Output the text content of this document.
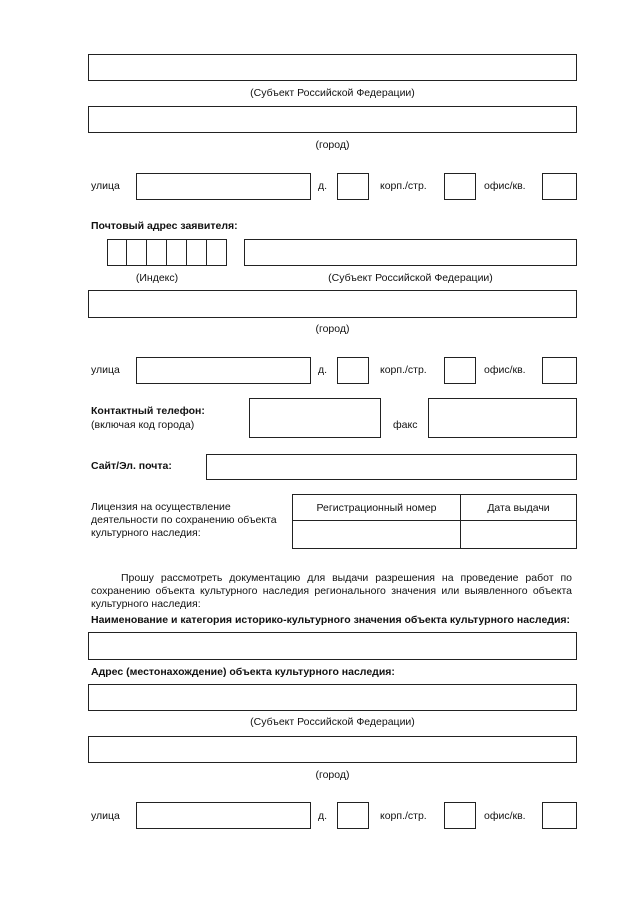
(Субъект Российской Федерации)
(город)
улица	д.	корп./стр.	офис/кв.
Почтовый адрес заявителя:
(Индекс)	(Субъект Российской Федерации)
(город)
улица	д.	корп./стр.	офис/кв.
Контактный телефон:
(включая код города)	факс
Сайт/Эл. почта:
Лицензия на осуществление деятельности по сохранению объекта культурного наследия:
Регистрационный номер	Дата выдачи
Прошу рассмотреть документацию для выдачи разрешения на проведение работ по сохранению объекта культурного наследия регионального значения или выявленного объекта культурного наследия:
Наименование и категория историко-культурного значения объекта культурного наследия:
Адрес (местонахождение) объекта культурного наследия:
(Субъект Российской Федерации)
(город)
улица	д.	корп./стр.	офис/кв.
